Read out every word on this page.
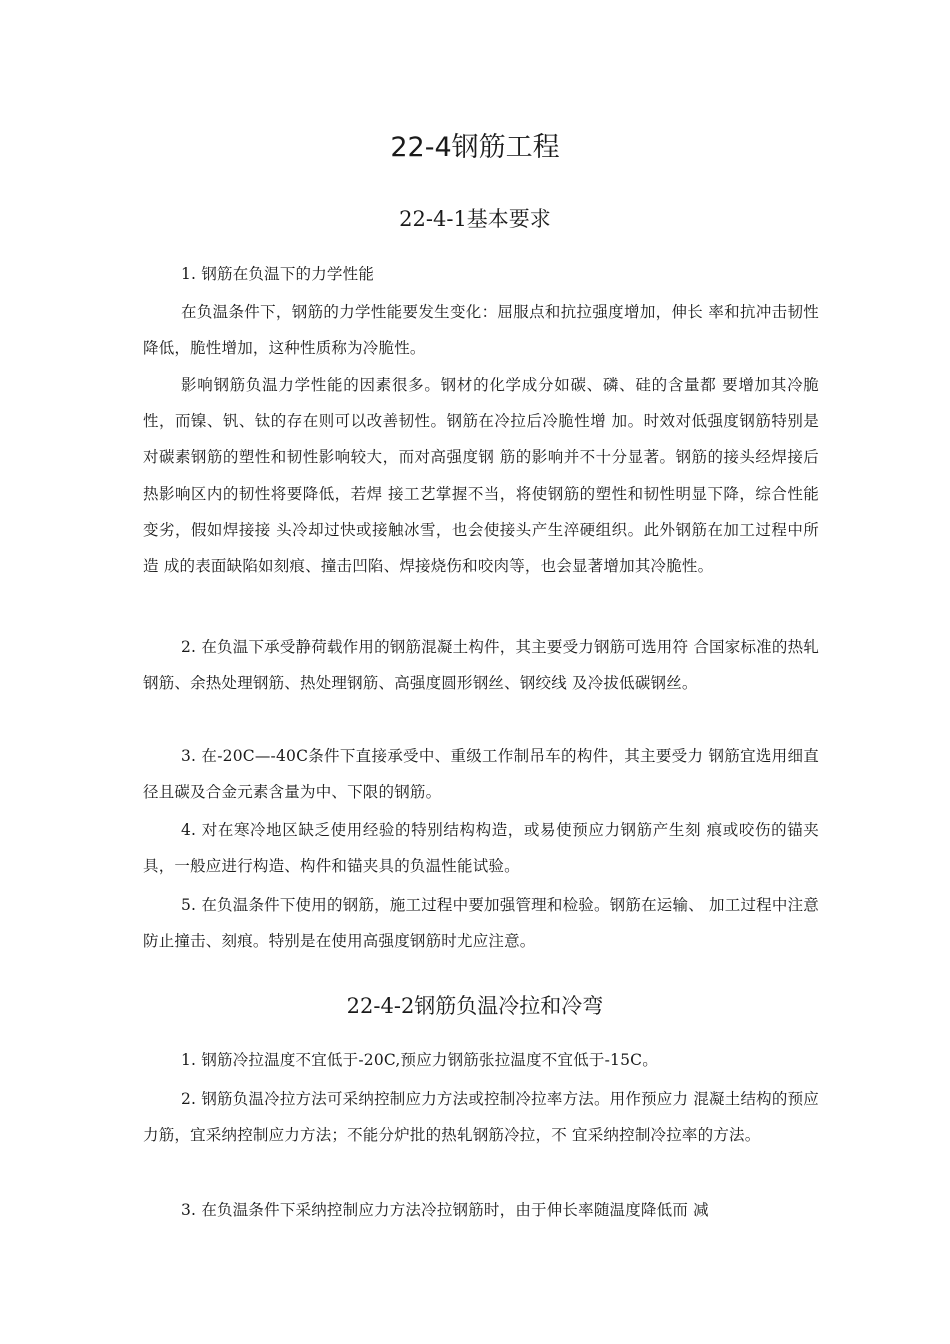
22-4钢筋工程
22-4-1基本要求

1. 钢筋在负温下的力学性能

在负温条件下，钢筋的力学性能要发生变化：屈服点和抗拉强度增加，伸长 率和抗冲击韧性降低，脆性增加，这种性质称为冷脆性。

影响钢筋负温力学性能的因素很多。钢材的化学成分如碳、磷、硅的含量都 要增加其冷脆性，而镍、钒、钛的存在则可以改善韧性。钢筋在冷拉后冷脆性增 加。时效对低强度钢筋特别是对碳素钢筋的塑性和韧性影响较大，而对高强度钢 筋的影响并不十分显著。钢筋的接头经焊接后热影响区内的韧性将要降低，若焊 接工艺掌握不当，将使钢筋的塑性和韧性明显下降，综合性能变劣，假如焊接接 头冷却过快或接触冰雪，也会使接头产生淬硬组织。此外钢筋在加工过程中所造 成的表面缺陷如刻痕、撞击凹陷、焊接烧伤和咬肉等，也会显著增加其冷脆性。

2. 在负温下承受静荷载作用的钢筋混凝土构件，其主要受力钢筋可选用符 合国家标准的热轧钢筋、余热处理钢筋、热处理钢筋、高强度圆形钢丝、钢绞线 及冷拔低碳钢丝。

3. 在-20C—-40C条件下直接承受中、重级工作制吊车的构件，其主要受力 钢筋宜选用细直径且碳及合金元素含量为中、下限的钢筋。

4. 对在寒冷地区缺乏使用经验的特别结构构造，或易使预应力钢筋产生刻 痕或咬伤的锚夹具，一般应进行构造、构件和锚夹具的负温性能试验。

5. 在负温条件下使用的钢筋，施工过程中要加强管理和检验。钢筋在运输、 加工过程中注意防止撞击、刻痕。特别是在使用高强度钢筋时尤应注意。

22-4-2钢筋负温冷拉和冷弯

1. 钢筋冷拉温度不宜低于-20C,预应力钢筋张拉温度不宜低于-15C。

2. 钢筋负温冷拉方法可采纳控制应力方法或控制冷拉率方法。用作预应力 混凝土结构的预应力筋，宜采纳控制应力方法；不能分炉批的热轧钢筋冷拉，不 宜采纳控制冷拉率的方法。

3. 在负温条件下采纳控制应力方法冷拉钢筋时，由于伸长率随温度降低而 减
